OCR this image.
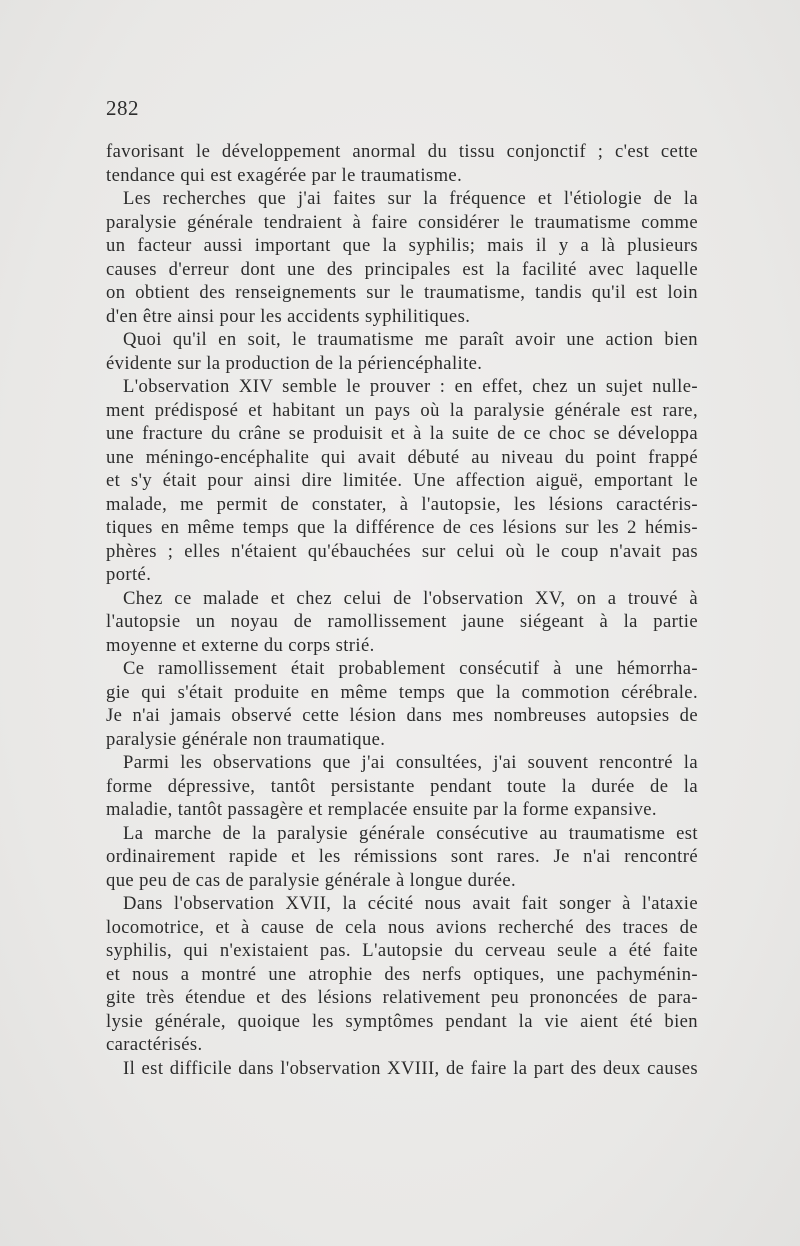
282
favorisant le développement anormal du tissu conjonctif ; c'est cette
tendance qui est exagérée par le traumatisme.
Les recherches que j'ai faites sur la fréquence et l'étiologie de la
paralysie générale tendraient à faire considérer le traumatisme comme
un facteur aussi important que la syphilis; mais il y a là plusieurs
causes d'erreur dont une des principales est la facilité avec laquelle
on obtient des renseignements sur le traumatisme, tandis qu'il est loin
d'en être ainsi pour les accidents syphilitiques.
Quoi qu'il en soit, le traumatisme me paraît avoir une action bien
évidente sur la production de la périencéphalite.
L'observation XIV semble le prouver : en effet, chez un sujet nulle-
ment prédisposé et habitant un pays où la paralysie générale est rare,
une fracture du crâne se produisit et à la suite de ce choc se développa
une méningo-encéphalite qui avait débuté au niveau du point frappé
et s'y était pour ainsi dire limitée. Une affection aiguë, emportant le
malade, me permit de constater, à l'autopsie, les lésions caractéris-
tiques en même temps que la différence de ces lésions sur les 2 hémis-
phères ; elles n'étaient qu'ébauchées sur celui où le coup n'avait pas
porté.
Chez ce malade et chez celui de l'observation XV, on a trouvé à
l'autopsie un noyau de ramollissement jaune siégeant à la partie
moyenne et externe du corps strié.
Ce ramollissement était probablement consécutif à une hémorrha-
gie qui s'était produite en même temps que la commotion cérébrale.
Je n'ai jamais observé cette lésion dans mes nombreuses autopsies de
paralysie générale non traumatique.
Parmi les observations que j'ai consultées, j'ai souvent rencontré la
forme dépressive, tantôt persistante pendant toute la durée de la
maladie, tantôt passagère et remplacée ensuite par la forme expansive.
La marche de la paralysie générale consécutive au traumatisme est
ordinairement rapide et les rémissions sont rares. Je n'ai rencontré
que peu de cas de paralysie générale à longue durée.
Dans l'observation XVII, la cécité nous avait fait songer à l'ataxie
locomotrice, et à cause de cela nous avions recherché des traces de
syphilis, qui n'existaient pas. L'autopsie du cerveau seule a été faite
et nous a montré une atrophie des nerfs optiques, une pachyménin-
gite très étendue et des lésions relativement peu prononcées de para-
lysie générale, quoique les symptômes pendant la vie aient été bien
caractérisés.
Il est difficile dans l'observation XVIII, de faire la part des deux causes
